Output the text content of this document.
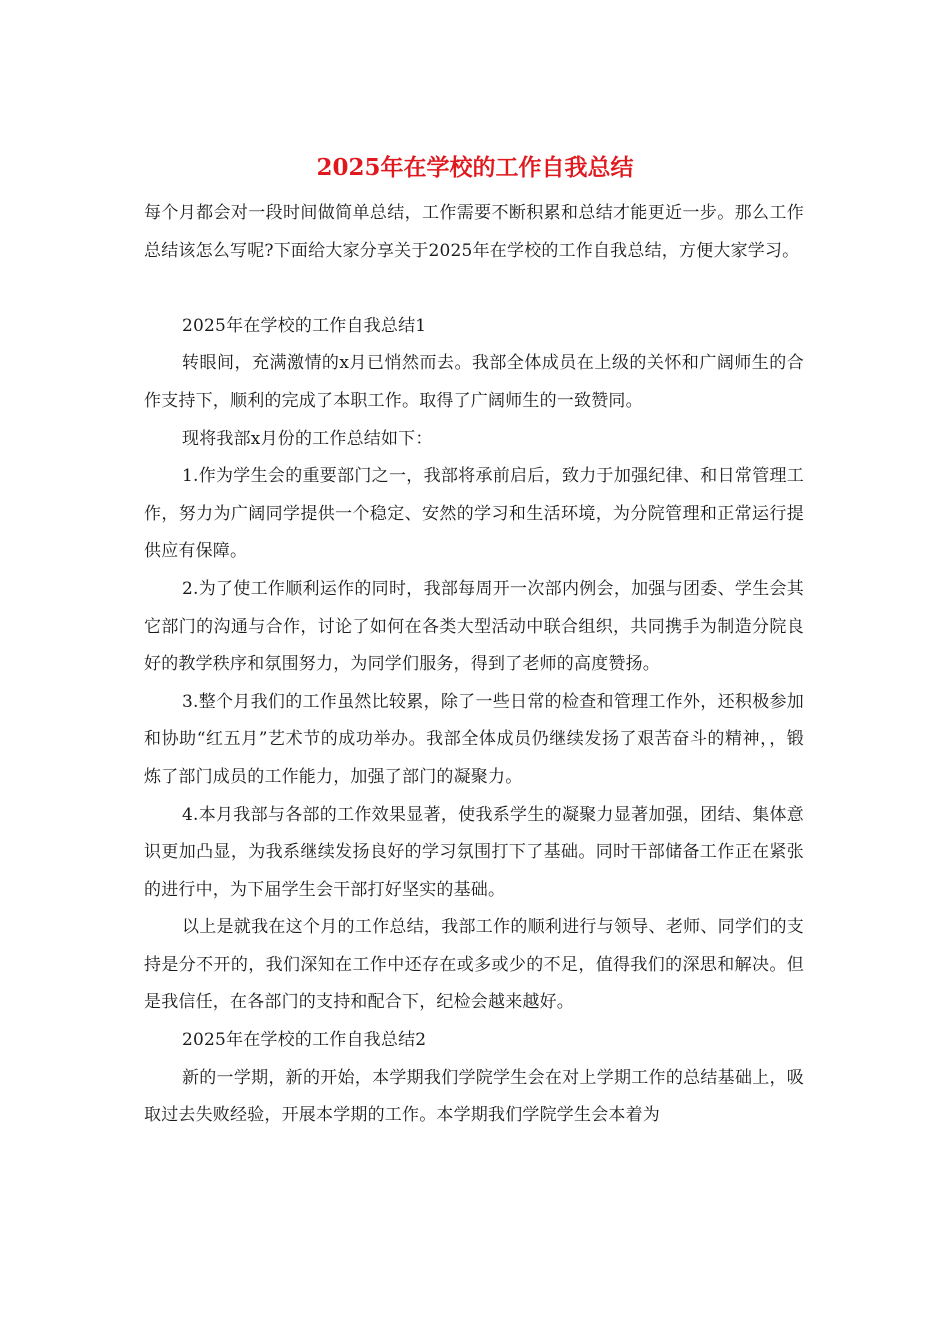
2025年在学校的工作自我总结

每个月都会对一段时间做简单总结，工作需要不断积累和总结才能更近一步。那么工作总结该怎么写呢?下面给大家分享关于2025年在学校的工作自我总结，方便大家学习。

2025年在学校的工作自我总结1

转眼间，充满激情的x月已悄然而去。我部全体成员在上级的关怀和广阔师生的合作支持下，顺利的完成了本职工作。取得了广阔师生的一致赞同。

现将我部x月份的工作总结如下：

1.作为学生会的重要部门之一，我部将承前启后，致力于加强纪律、和日常管理工作，努力为广阔同学提供一个稳定、安然的学习和生活环境，为分院管理和正常运行提供应有保障。

2.为了使工作顺利运作的同时，我部每周开一次部内例会，加强与团委、学生会其它部门的沟通与合作，讨论了如何在各类大型活动中联合组织，共同携手为制造分院良好的教学秩序和氛围努力，为同学们服务，得到了老师的高度赞扬。

3.整个月我们的工作虽然比较累，除了一些日常的检查和管理工作外，还积极参加和协助“红五月”艺术节的成功举办。我部全体成员仍继续发扬了艰苦奋斗的精神，，锻炼了部门成员的工作能力，加强了部门的凝聚力。

4.本月我部与各部的工作效果显著，使我系学生的凝聚力显著加强，团结、集体意识更加凸显，为我系继续发扬良好的学习氛围打下了基础。同时干部储备工作正在紧张的进行中，为下届学生会干部打好坚实的基础。

以上是就我在这个月的工作总结，我部工作的顺利进行与领导、老师、同学们的支持是分不开的，我们深知在工作中还存在或多或少的不足，值得我们的深思和解决。但是我信任，在各部门的支持和配合下，纪检会越来越好。

2025年在学校的工作自我总结2

新的一学期，新的开始，本学期我们学院学生会在对上学期工作的总结基础上，吸取过去失败经验，开展本学期的工作。本学期我们学院学生会本着为
